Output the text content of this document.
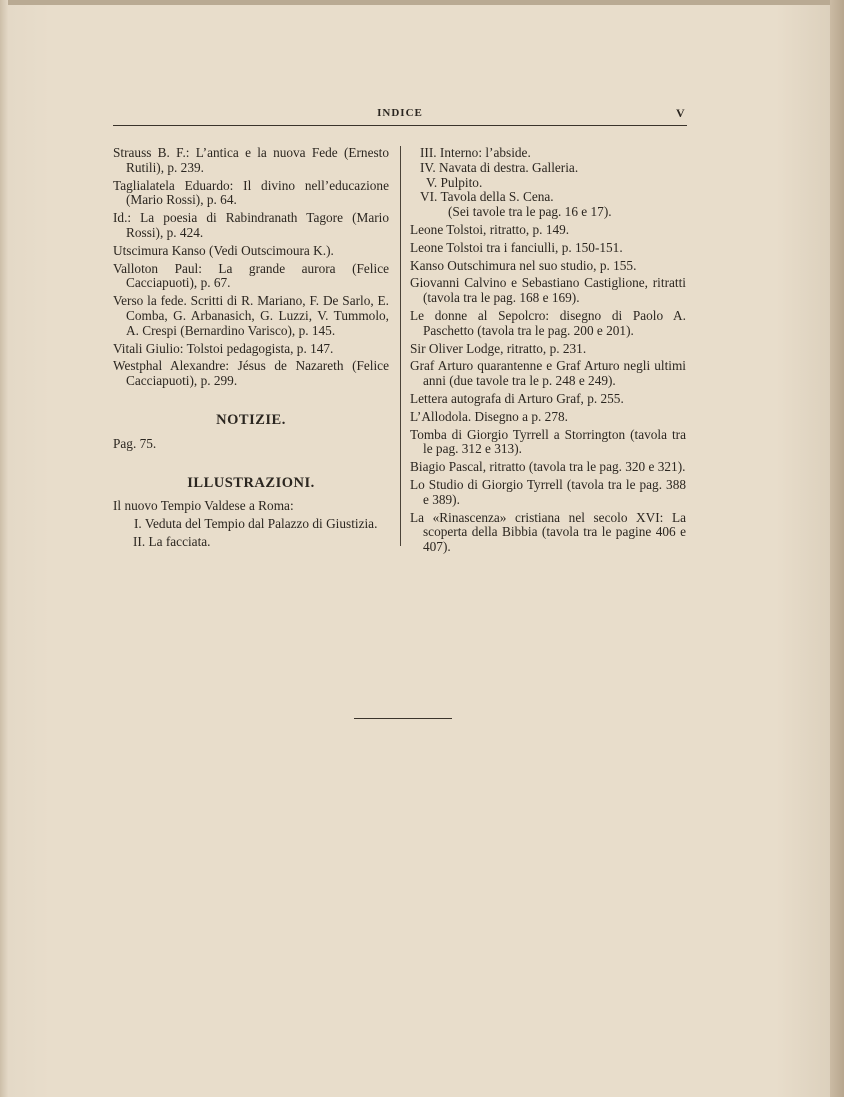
INDICE	V
Strauss B. F.: L’antica e la nuova Fede (Ernesto Rutili), p. 239.
Taglialatela Eduardo: Il divino nell’educazione (Mario Rossi), p. 64.
Id.: La poesia di Rabindranath Tagore (Mario Rossi), p. 424.
Utscimura Kanso (Vedi Outscimoura K.).
Valloton Paul: La grande aurora (Felice Cacciapuoti), p. 67.
Verso la fede. Scritti di R. Mariano, F. De Sarlo, E. Comba, G. Arbanasich, G. Luzzi, V. Tummolo, A. Crespi (Bernardino Varisco), p. 145.
Vitali Giulio: Tolstoi pedagogista, p. 147.
Westphal Alexandre: Jésus de Nazareth (Felice Cacciapuoti), p. 299.
NOTIZIE.
Pag. 75.
ILLUSTRAZIONI.
Il nuovo Tempio Valdese a Roma:
I. Veduta del Tempio dal Palazzo di Giustizia.
II. La facciata.
III. Interno: l’abside.
IV. Navata di destra. Galleria.
V. Pulpito.
VI. Tavola della S. Cena.
(Sei tavole tra le pag. 16 e 17).
Leone Tolstoi, ritratto, p. 149.
Leone Tolstoi tra i fanciulli, p. 150-151.
Kanso Outschimura nel suo studio, p. 155.
Giovanni Calvino e Sebastiano Castiglione, ritratti (tavola tra le pag. 168 e 169).
Le donne al Sepolcro: disegno di Paolo A. Paschetto (tavola tra le pag. 200 e 201).
Sir Oliver Lodge, ritratto, p. 231.
Graf Arturo quarantenne e Graf Arturo negli ultimi anni (due tavole tra le p. 248 e 249).
Lettera autografa di Arturo Graf, p. 255.
L’Allodola. Disegno a p. 278.
Tomba di Giorgio Tyrrell a Storrington (tavola tra le pag. 312 e 313).
Biagio Pascal, ritratto (tavola tra le pag. 320 e 321).
Lo Studio di Giorgio Tyrrell (tavola tra le pag. 388 e 389).
La «Rinascenza» cristiana nel secolo XVI: La scoperta della Bibbia (tavola tra le pagine 406 e 407).
